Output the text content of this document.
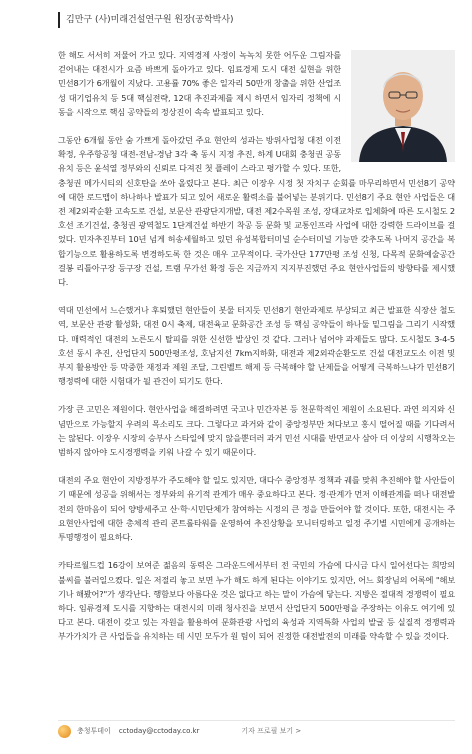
김만구 (사)미래건설연구원 원장(공학박사)

한 해도 서서히 저물어 가고 있다. 지역경제 사정이 녹녹치 못한 어두운 그림자를 걷어내는 대전시가 요즘 바쁘게 돌아가고 있다. 임료경제 도시 대전 실현을 위한 민선8기가 6개월이 지났다. 고용률 70% 좋은 일자리 50만개 창출을 위한 산업조성 대기업유치 등 5대 핵심전략, 12대 추진과제를 제시 하면서 임자리 정책에 시동을 시작으로 핵심 공약들의 정상진이 속속 발표되고 있다.

그동안 6개월 동안 숨 가쁘게 돌아갔던 주요 현안의 성과는 방위사업청 대전 이전 확정, 우주항공청 대전-전남-경남 3각 축 동시 지정 추진, 하계 U대회 충청권 공동유치 등은 윤석열 정부와의 신뢰로 다져진 첫 플레이 스라고 평가할 수 있다. 또한, 충청권 메가시티의 신호탄을 쏘아 올렸다고 본다. 최근 이장우 시정 첫 자치구 순회를 마무리하면서 민선8기 공약에 대한 로드맵이 하나하나 발표가 되고 있어 새로운 활력소를 불어넣는 분위기다. 민선8기 주요 현안 사업들은 대전 제2외곽순환 고속도로 건설, 보문산 관광단지개발, 대전 제2수목원 조성, 장대교차로 입체화에 따른 도시철도 2호선 조기건설, 충청권 광역철도 1단계건설 하반기 착공 등 문화 및 교통인프라 사업에 대한 강력한 드라이브를 걸었다. 민자추진부터 10년 넘게 허송세월하고 있던 유성복합터미널 순수터미널 기능만 갖추도록 나머지 공간을 복합기능으로 활용하도록 변경하도록 한 것은 매우 고무적이다. 국가산단 177만평 조성 신청, 다목적 문화예술공간 걸봉 리틀아구장 등구장 건설, 트램 무가선 확정 등은 지금까지 지지부진했던 주요 현안사업들의 방향타를 제시했다.

역대 민선에서 느슨했거나 후퇴했던 현안들이 봇물 터지듯 민선8기 현안과제로 부상되고 최근 발표한 식장산 철도역, 보문산 관광 활성화, 대전 0시 축제, 대전육교 문화공간 조성 등 핵심 공약들이 하나둘 밑그림을 그리기 시작했다. 매력적인 대전의 노른도시 탈피를 위한 신선한 발상인 것 같다. 그러나 넘어야 과제들도 많다. 도시철도 3-4-5호선 동시 추진, 산업단지 500만평조성, 호남지선 7km지하화, 대전과 제2외곽순환도로 건설 대전교도소 이전 및 부지 활용방안 등 막중한 재정과 제원 조달, 그린벨트 해제 등 극복해야 할 난제들을 어떻게 극복하느냐가 민선8기 행정력에 대한 시험대가 될 관건이 되기도 한다.

가장 큰 고민은 제원이다. 현안사업을 해결하려면 국고나 민간자본 등 천문학적인 제원이 소요된다. 과연 의지와 신념만으로 가능할지 우려의 목소리도 크다. 그렇다고 과거와 같이 중앙정부만 쳐다보고 홍시 떨어질 때를 기다려서는 않된다. 이장우 시장의 승부사 스타일에 맞지 않을뿐더러 과거 민선 시대를 반면교사 삼아 더 이상의 시행착오는 범하지 않아야 도시경쟁력을 키워 나갈 수 있기 때문이다.

대전의 주요 현안이 지방정부가 주도해야 할 일도 있지만, 대다수 중앙정부 정책과 궤를 맞춰 추진해야 할 사안들이기 때문에 성공을 위해서는 정부와의 유기적 관계가 매우 중요하다고 본다. 정·관계가 먼저 이해관계를 떠나 대전발전의 한마음이 되어 양방세주고 산·학·시민단체가 참여하는 시정의 큰 정을 만들어야 할 것이다. 또한, 대전시는 주요현안사업에 대한 총체적 관리 콘트롤타워를 운영하여 추진상황을 모니터링하고 일정 주기별 시민에게 공개하는 투명행정이 필요하다.

카타르월드컵 16강이 보여준 젊음의 동력은 그라운드에서부터 전 국민의 가슴에 다시금 다시 일어선다는 희망의 불씨를 불러일으켰다. 일은 저절리 놓고 보면 누가 해도 하게 된다는 이야기도 있지만, 어느 회장님의 어록에 "해보기나 해봤어?"가 생각난다. 행함보다 아름다운 것은 없다고 하는 말이 가슴에 닿는다. 지방은 절대적 경쟁력이 필요하다. 임류경제 도시를 지향하는 대전시의 미래 청사진을 보면서 산업단지 500만평을 주장하는 이유도 여기에 있다고 본다. 대전이 갖고 있는 자원을 활용하여 문화관광 사업의 육성과 지역특화 사업의 발굴 등 실질적 경쟁력과 부가가치가 큰 사업들을 유치하는 데 시민 모두가 원 팀이 되어 진정한 대전발전의 미래를 약속할 수 있을 것이다.

충청투데이 cctoday@cctoday.co.kr	기자 프로필 보기 >
